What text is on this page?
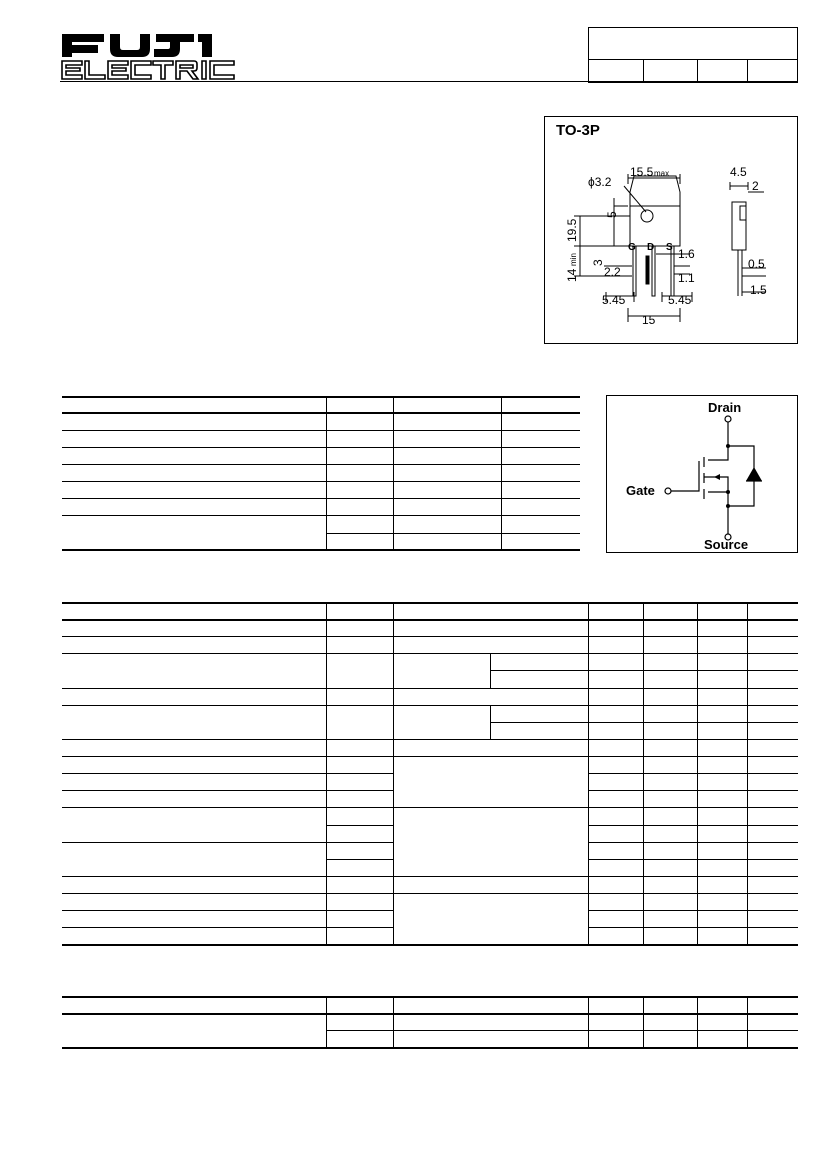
TO-3P
G D S
ϕ3.2
15.5 max	4.5
2
1.6
1.1
2.2
0.5
1.5
5.45	5.45
15
5
19.5
3
14
min
Drain
Gate
Source
